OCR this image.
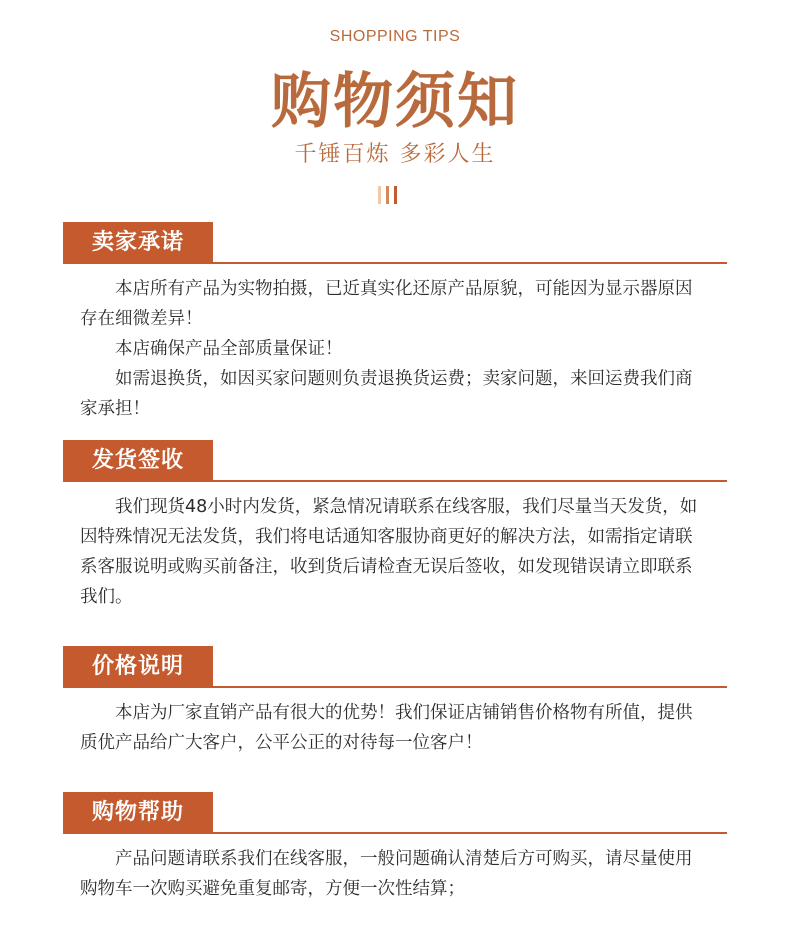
SHOPPING TIPS
购物须知
千锤百炼 多彩人生
卖家承诺

本店所有产品为实物拍摄，已近真实化还原产品原貌，可能因为显示器原因存在细微差异！

本店确保产品全部质量保证！

如需退换货，如因买家问题则负责退换货运费；卖家问题，来回运费我们商家承担！

发货签收

我们现货48小时内发货，紧急情况请联系在线客服，我们尽量当天发货，如因特殊情况无法发货，我们将电话通知客服协商更好的解决方法，如需指定请联系客服说明或购买前备注，收到货后请检查无误后签收，如发现错误请立即联系我们。

价格说明

本店为厂家直销产品有很大的优势！我们保证店铺销售价格物有所值，提供质优产品给广大客户，公平公正的对待每一位客户！

购物帮助

产品问题请联系我们在线客服，一般问题确认清楚后方可购买，请尽量使用购物车一次购买避免重复邮寄，方便一次性结算；
